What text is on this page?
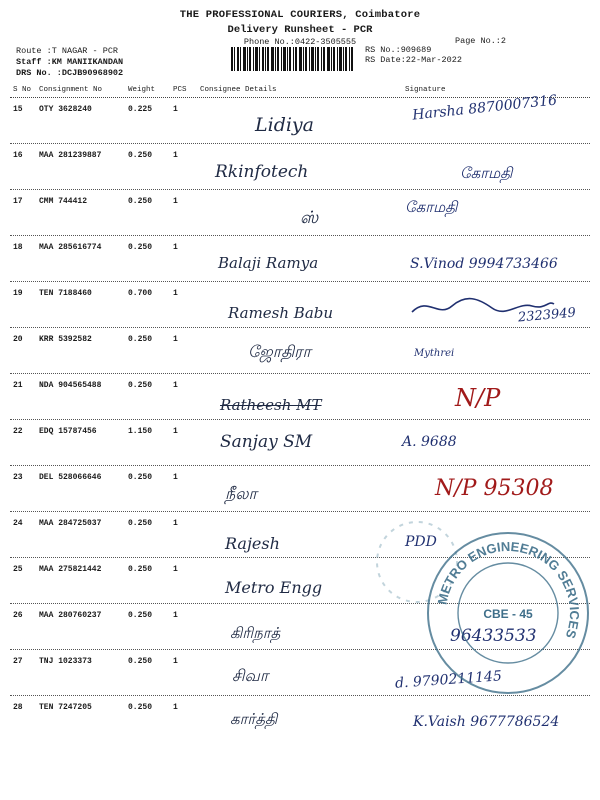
THE PROFESSIONAL COURIERS, Coimbatore
Delivery Runsheet - PCR
Phone No.:0422-3505555	Page No.:2
Route :T NAGAR - PCR
Staff :KM MANIIKANDAN
DRS No. :DCJB90968902
RS No.:909689
RS Date:22-Mar-2022
S No Consignment No	Weight PCS Consignee Details	Signature
15 OTY 3628240	0.225	1
Lidiya
Harsha 8870007316
16 MAA 281239887	0.250	1
Rkinfotech	கோமதி
17 CMM 744412	0.250	1
ஸ்
கோமதி
18 MAA 285616774	0.250	1
Balaji Ramya	S.Vinod 9994733466
19 TEN 7188460	0.700	1
Ramesh Babu	2323949
20 KRR 5392582	0.250	1
ஜோதிரா	Mythrei
21 NDA 904565488	0.250	1
Ratheesh MT	N/P
22 EDQ 15787456	1.150	1
Sanjay SM	A. 9688
23 DEL 528066646	0.250	1
நீலா	N/P 95308
24 MAA 284725037	0.250	1
Rajesh	PDD
25 MAA 275821442	0.250	1
Metro Engg
26 MAA 280760237	0.250	1
கிரிநாத்	96433533
27 TNJ 1023373	0.250	1
சிவா	d. 9790211145
28 TEN 7247205	0.250	1
கார்த்தி	K.Vaish 9677786524
METRO ENGINEERING SERVICES
CBE - 45
